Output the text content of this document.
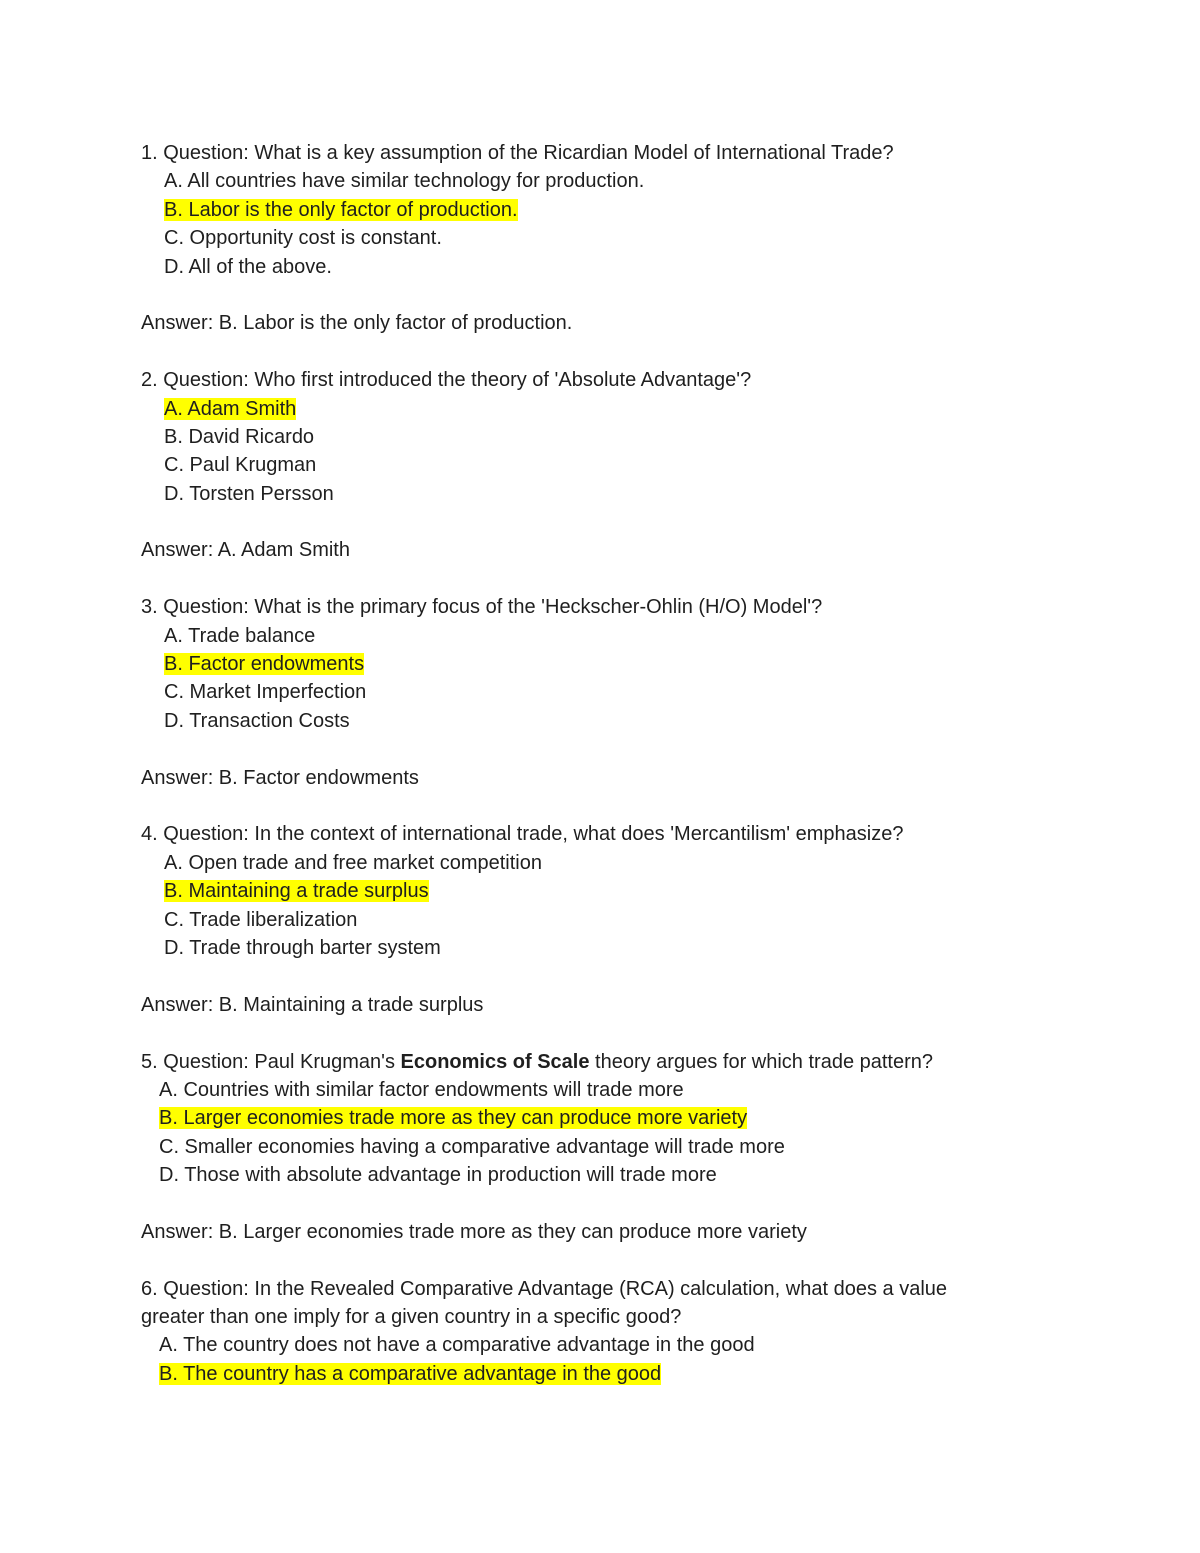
1. Question: What is a key assumption of the Ricardian Model of International Trade?
A. All countries have similar technology for production.
B. Labor is the only factor of production.
C. Opportunity cost is constant.
D. All of the above.
Answer: B. Labor is the only factor of production.
2. Question: Who first introduced the theory of 'Absolute Advantage'?
A. Adam Smith
B. David Ricardo
C. Paul Krugman
D. Torsten Persson
Answer: A. Adam Smith
3. Question: What is the primary focus of the 'Heckscher-Ohlin (H/O) Model'?
A. Trade balance
B. Factor endowments
C. Market Imperfection
D. Transaction Costs
Answer: B. Factor endowments
4. Question: In the context of international trade, what does 'Mercantilism' emphasize?
A. Open trade and free market competition
B. Maintaining a trade surplus
C. Trade liberalization
D. Trade through barter system
Answer: B. Maintaining a trade surplus
5. Question: Paul Krugman's Economics of Scale theory argues for which trade pattern?
A. Countries with similar factor endowments will trade more
B. Larger economies trade more as they can produce more variety
C. Smaller economies having a comparative advantage will trade more
D. Those with absolute advantage in production will trade more
Answer: B. Larger economies trade more as they can produce more variety
6. Question: In the Revealed Comparative Advantage (RCA) calculation, what does a value
greater than one imply for a given country in a specific good?
A. The country does not have a comparative advantage in the good
B. The country has a comparative advantage in the good
